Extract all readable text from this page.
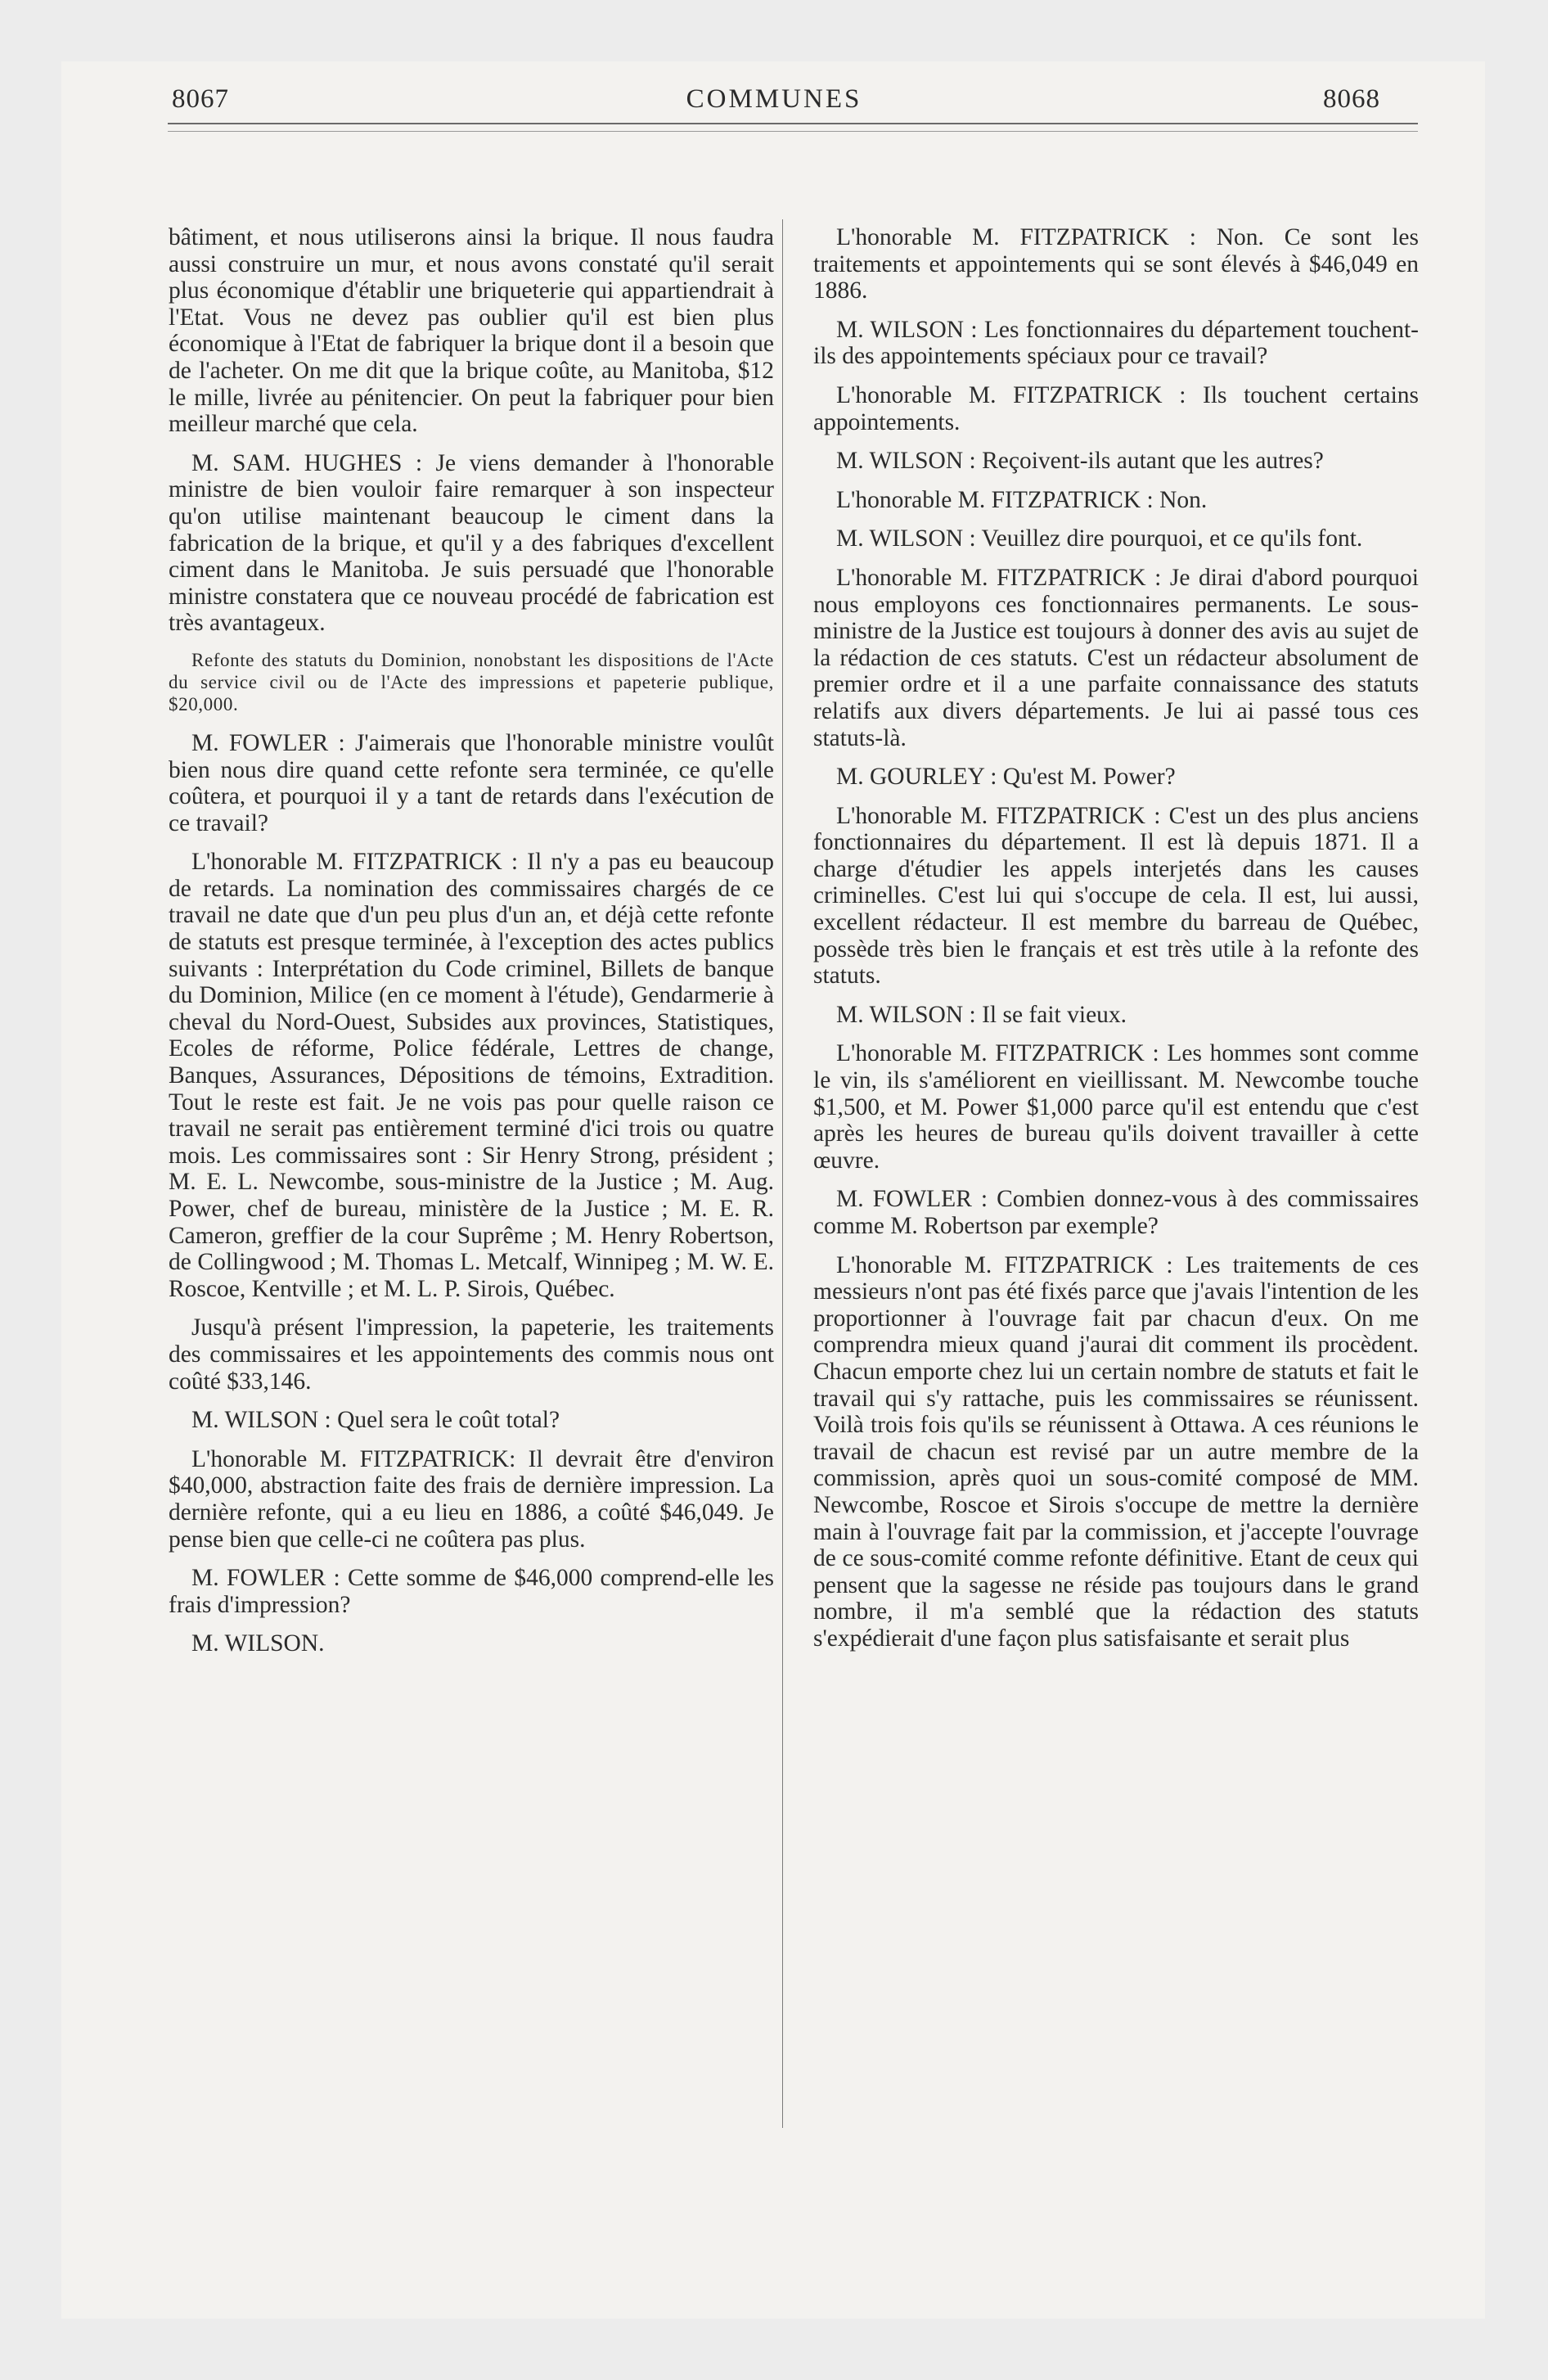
8067	COMMUNES	8068

bâtiment, et nous utiliserons ainsi la brique. Il nous faudra aussi construire un mur, et nous avons constaté qu'il serait plus économique d'établir une briqueterie qui appartiendrait à l'Etat. Vous ne devez pas oublier qu'il est bien plus économique à l'Etat de fabriquer la brique dont il a besoin que de l'acheter. On me dit que la brique coûte, au Manitoba, $12 le mille, livrée au pénitencier. On peut la fabriquer pour bien meilleur marché que cela.

M. SAM. HUGHES : Je viens demander à l'honorable ministre de bien vouloir faire remarquer à son inspecteur qu'on utilise maintenant beaucoup le ciment dans la fabrication de la brique, et qu'il y a des fabriques d'excellent ciment dans le Manitoba. Je suis persuadé que l'honorable ministre constatera que ce nouveau procédé de fabrication est très avantageux.

Refonte des statuts du Dominion, nonobstant les dispositions de l'Acte du service civil ou de l'Acte des impressions et papeterie publique, $20,000.

M. FOWLER : J'aimerais que l'honorable ministre voulût bien nous dire quand cette refonte sera terminée, ce qu'elle coûtera, et pourquoi il y a tant de retards dans l'exécution de ce travail?

L'honorable M. FITZPATRICK : Il n'y a pas eu beaucoup de retards. La nomination des commissaires chargés de ce travail ne date que d'un peu plus d'un an, et déjà cette refonte de statuts est presque terminée, à l'exception des actes publics suivants : Interprétation du Code criminel, Billets de banque du Dominion, Milice (en ce moment à l'étude), Gendarmerie à cheval du Nord-Ouest, Subsides aux provinces, Statistiques, Ecoles de réforme, Police fédérale, Lettres de change, Banques, Assurances, Dépositions de témoins, Extradition. Tout le reste est fait. Je ne vois pas pour quelle raison ce travail ne serait pas entièrement terminé d'ici trois ou quatre mois. Les commissaires sont : Sir Henry Strong, président ; M. E. L. Newcombe, sous-ministre de la Justice ; M. Aug. Power, chef de bureau, ministère de la Justice ; M. E. R. Cameron, greffier de la cour Suprême ; M. Henry Robertson, de Collingwood ; M. Thomas L. Metcalf, Winnipeg ; M. W. E. Roscoe, Kentville ; et M. L. P. Sirois, Québec.

Jusqu'à présent l'impression, la papeterie, les traitements des commissaires et les appointements des commis nous ont coûté $33,146.

M. WILSON : Quel sera le coût total?

L'honorable M. FITZPATRICK: Il devrait être d'environ $40,000, abstraction faite des frais de dernière impression. La dernière refonte, qui a eu lieu en 1886, a coûté $46,049. Je pense bien que celle-ci ne coûtera pas plus.

M. FOWLER : Cette somme de $46,000 comprend-elle les frais d'impression?

M. WILSON.

L'honorable M. FITZPATRICK : Non. Ce sont les traitements et appointements qui se sont élevés à $46,049 en 1886.

M. WILSON : Les fonctionnaires du département touchent-ils des appointements spéciaux pour ce travail?

L'honorable M. FITZPATRICK : Ils touchent certains appointements.

M. WILSON : Reçoivent-ils autant que les autres?

L'honorable M. FITZPATRICK : Non.

M. WILSON : Veuillez dire pourquoi, et ce qu'ils font.

L'honorable M. FITZPATRICK : Je dirai d'abord pourquoi nous employons ces fonctionnaires permanents. Le sous-ministre de la Justice est toujours à donner des avis au sujet de la rédaction de ces statuts. C'est un rédacteur absolument de premier ordre et il a une parfaite connaissance des statuts relatifs aux divers départements. Je lui ai passé tous ces statuts-là.

M. GOURLEY : Qu'est M. Power?

L'honorable M. FITZPATRICK : C'est un des plus anciens fonctionnaires du département. Il est là depuis 1871. Il a charge d'étudier les appels interjetés dans les causes criminelles. C'est lui qui s'occupe de cela. Il est, lui aussi, excellent rédacteur. Il est membre du barreau de Québec, possède très bien le français et est très utile à la refonte des statuts.

M. WILSON : Il se fait vieux.

L'honorable M. FITZPATRICK : Les hommes sont comme le vin, ils s'améliorent en vieillissant. M. Newcombe touche $1,500, et M. Power $1,000 parce qu'il est entendu que c'est après les heures de bureau qu'ils doivent travailler à cette œuvre.

M. FOWLER : Combien donnez-vous à des commissaires comme M. Robertson par exemple?

L'honorable M. FITZPATRICK : Les traitements de ces messieurs n'ont pas été fixés parce que j'avais l'intention de les proportionner à l'ouvrage fait par chacun d'eux. On me comprendra mieux quand j'aurai dit comment ils procèdent. Chacun emporte chez lui un certain nombre de statuts et fait le travail qui s'y rattache, puis les commissaires se réunissent. Voilà trois fois qu'ils se réunissent à Ottawa. A ces réunions le travail de chacun est revisé par un autre membre de la commission, après quoi un sous-comité composé de MM. Newcombe, Roscoe et Sirois s'occupe de mettre la dernière main à l'ouvrage fait par la commission, et j'accepte l'ouvrage de ce sous-comité comme refonte définitive. Etant de ceux qui pensent que la sagesse ne réside pas toujours dans le grand nombre, il m'a semblé que la rédaction des statuts s'expédierait d'une façon plus satisfaisante et serait plus
